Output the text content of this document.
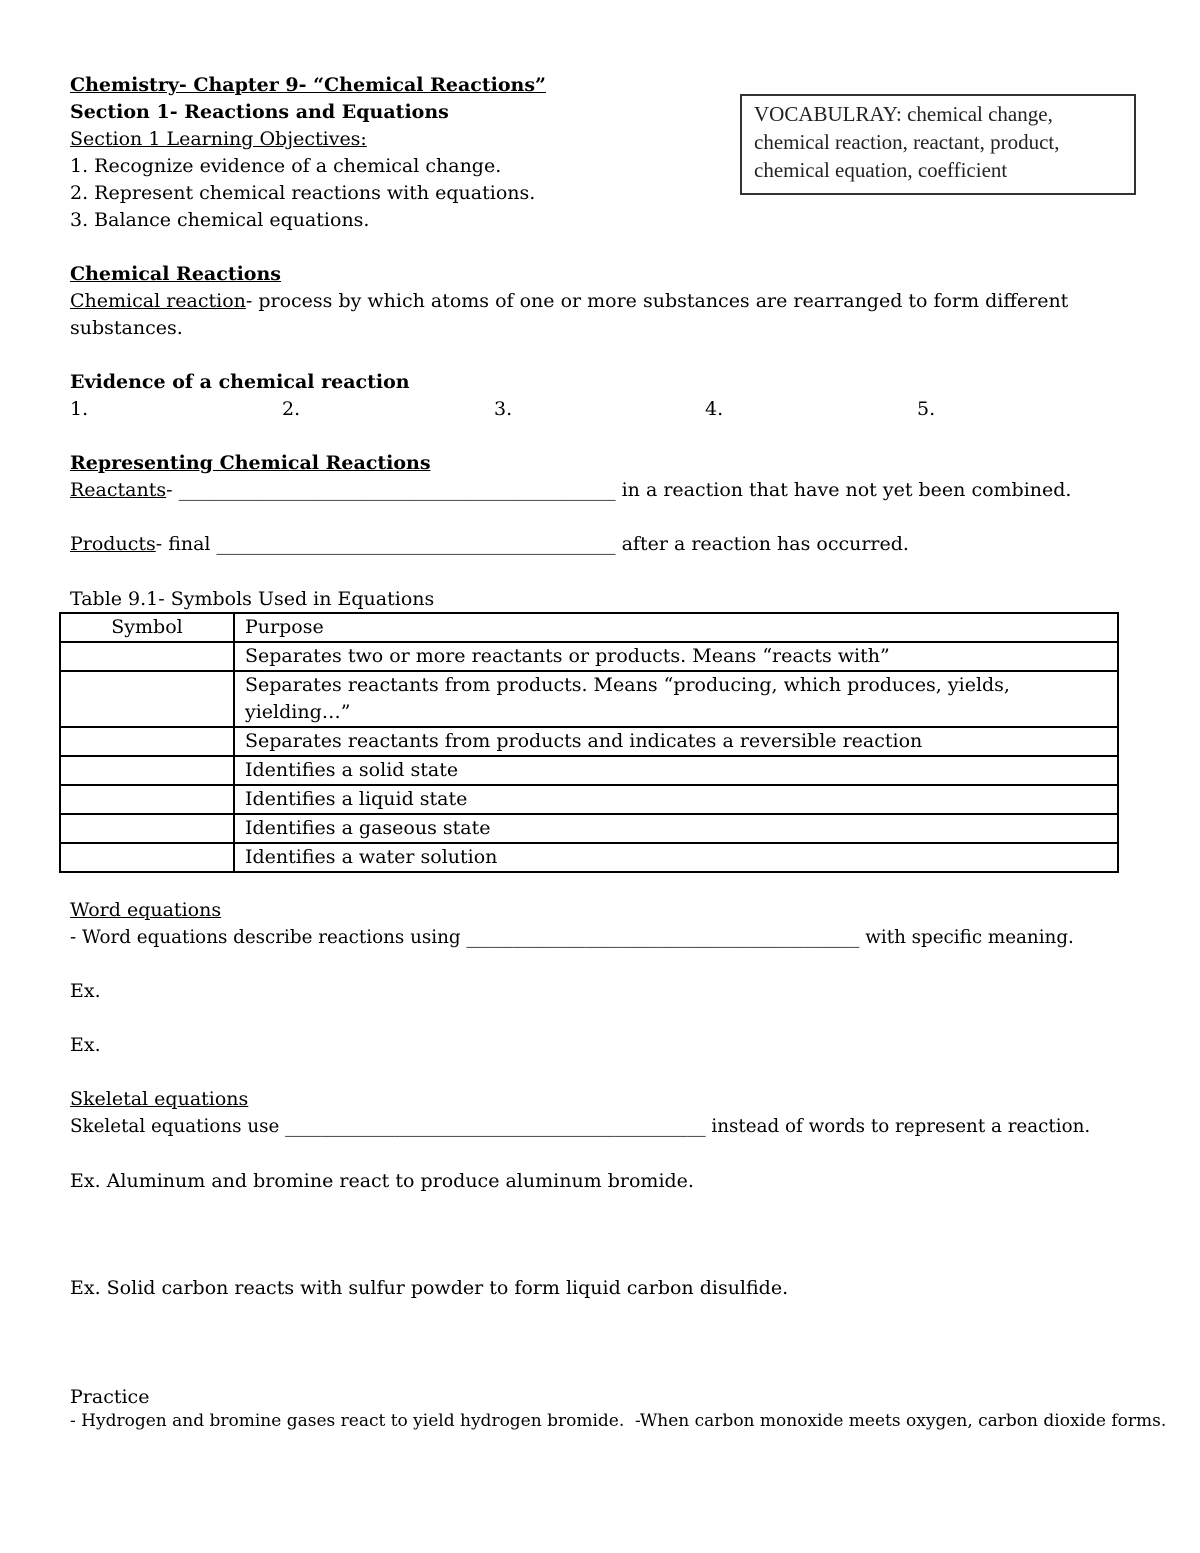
Chemistry- Chapter 9- “Chemical Reactions”
Section 1- Reactions and Equations
Section 1 Learning Objectives:
1. Recognize evidence of a chemical change.
2. Represent chemical reactions with equations.
3. Balance chemical equations.
VOCABULRAY: chemical change,
chemical reaction, reactant, product,
chemical equation, coefficient
Chemical Reactions
Chemical reaction- process by which atoms of one or more substances are rearranged to form different
substances.
Evidence of a chemical reaction
1.	2.	3.	4.	5.
Representing Chemical Reactions
Reactants- ______________________________________________ in a reaction that have not yet been combined.
Products- final __________________________________________ after a reaction has occurred.
Table 9.1- Symbols Used in Equations
Symbol	Purpose
	Separates two or more reactants or products. Means “reacts with”
	Separates reactants from products. Means “producing, which produces, yields, yielding…”
	Separates reactants from products and indicates a reversible reaction
	Identifies a solid state
	Identifies a liquid state
	Identifies a gaseous state
	Identifies a water solution
Word equations
- Word equations describe reactions using ___________________________________________ with specific meaning.
Ex.
Ex.
Skeletal equations
Skeletal equations use ______________________________________________ instead of words to represent a reaction.
Ex. Aluminum and bromine react to produce aluminum bromide.
Ex. Solid carbon reacts with sulfur powder to form liquid carbon disulfide.
Practice
- Hydrogen and bromine gases react to yield hydrogen bromide. -When carbon monoxide meets oxygen, carbon dioxide forms.
